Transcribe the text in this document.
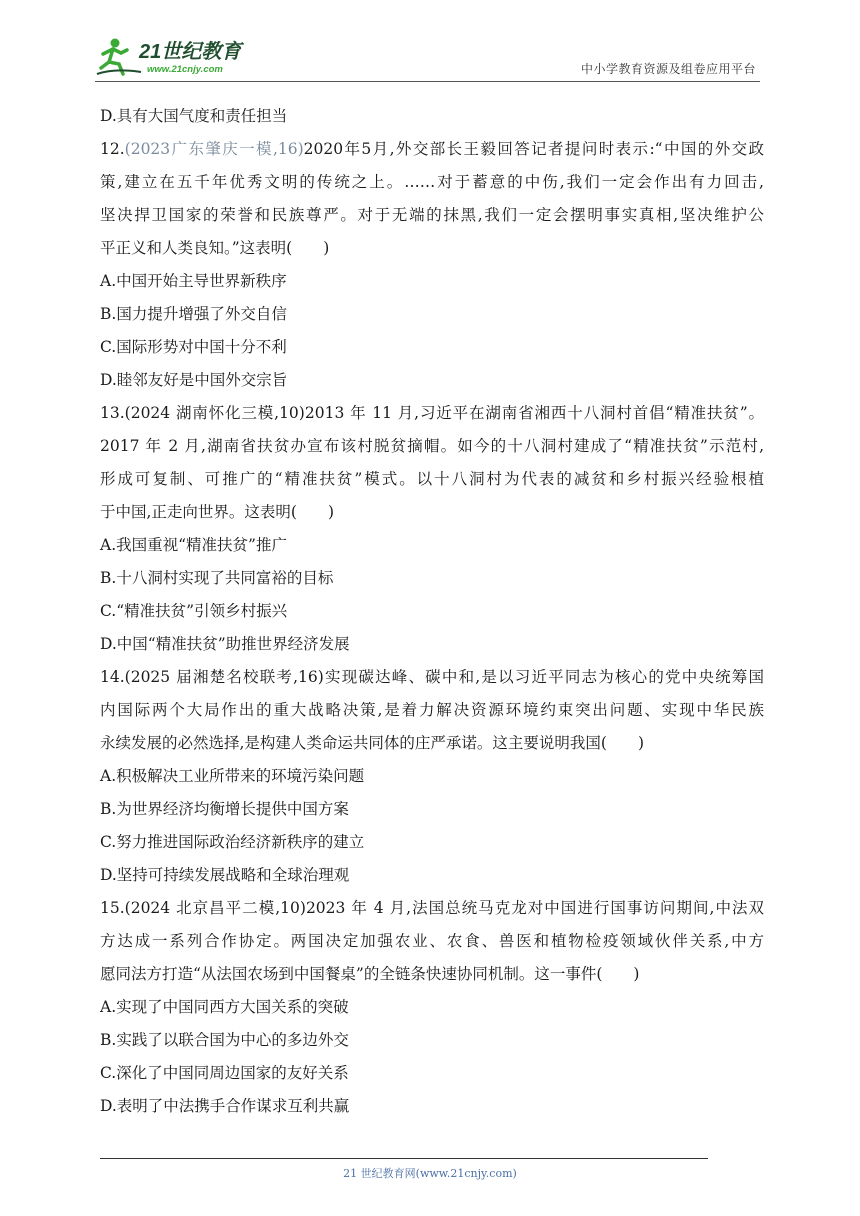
21世纪教育
www.21cnjy.com	中小学教育资源及组卷应用平台
D.具有大国气度和责任担当
12.(2023广东肇庆一模,16)2020年5月,外交部长王毅回答记者提问时表示:“中国的外交政
策,建立在五千年优秀文明的传统之上。……对于蓄意的中伤,我们一定会作出有力回击,
坚决捍卫国家的荣誉和民族尊严。对于无端的抹黑,我们一定会摆明事实真相,坚决维护公
平正义和人类良知。”这表明(　　)
A.中国开始主导世界新秩序
B.国力提升增强了外交自信
C.国际形势对中国十分不利
D.睦邻友好是中国外交宗旨
13.(2024 湖南怀化三模,10)2013 年 11 月,习近平在湖南省湘西十八洞村首倡“精准扶贫”。
2017 年 2 月,湖南省扶贫办宣布该村脱贫摘帽。如今的十八洞村建成了“精准扶贫”示范村,
形成可复制、可推广的“精准扶贫”模式。以十八洞村为代表的减贫和乡村振兴经验根植
于中国,正走向世界。这表明(　　)
A.我国重视“精准扶贫”推广
B.十八洞村实现了共同富裕的目标
C.“精准扶贫”引领乡村振兴
D.中国“精准扶贫”助推世界经济发展
14.(2025 届湘楚名校联考,16)实现碳达峰、碳中和,是以习近平同志为核心的党中央统筹国
内国际两个大局作出的重大战略决策,是着力解决资源环境约束突出问题、实现中华民族
永续发展的必然选择,是构建人类命运共同体的庄严承诺。这主要说明我国(　　)
A.积极解决工业所带来的环境污染问题
B.为世界经济均衡增长提供中国方案
C.努力推进国际政治经济新秩序的建立
D.坚持可持续发展战略和全球治理观
15.(2024 北京昌平二模,10)2023 年 4 月,法国总统马克龙对中国进行国事访问期间,中法双
方达成一系列合作协定。两国决定加强农业、农食、兽医和植物检疫领域伙伴关系,中方
愿同法方打造“从法国农场到中国餐桌”的全链条快速协同机制。这一事件(　　)
A.实现了中国同西方大国关系的突破
B.实践了以联合国为中心的多边外交
C.深化了中国同周边国家的友好关系
D.表明了中法携手合作谋求互利共赢
21 世纪教育网(www.21cnjy.com)
